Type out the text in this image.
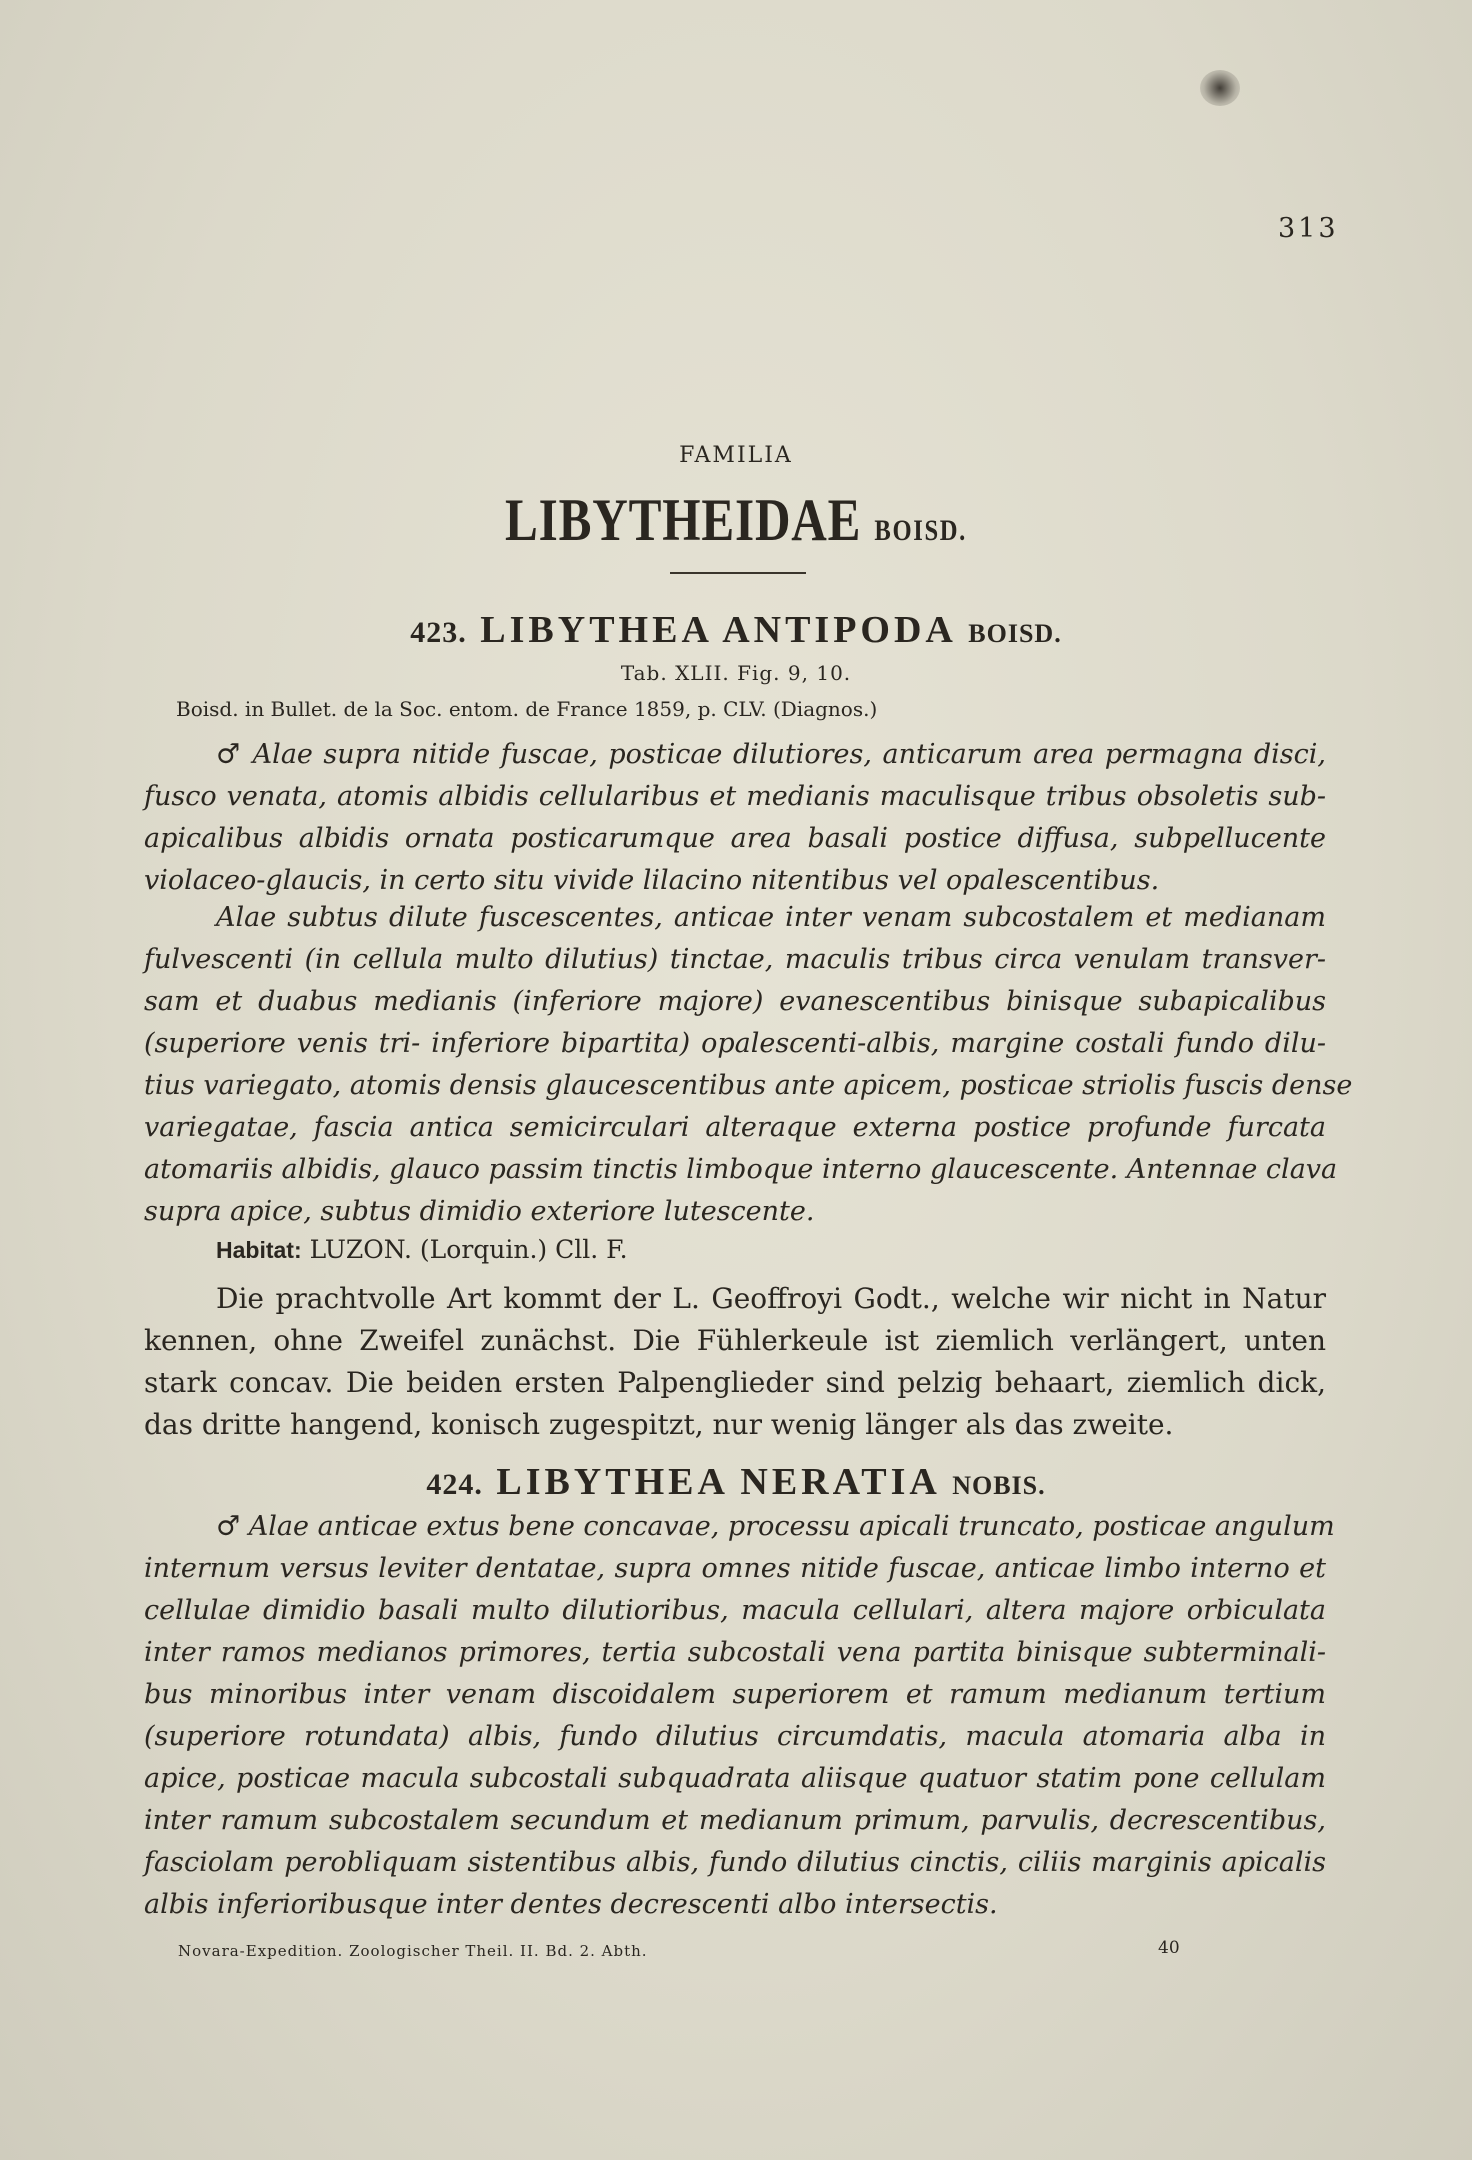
313

FAMILIA

LIBYTHEIDAE BOISD.
423. LIBYTHEA ANTIPODA BOISD.

Tab. XLII. Fig. 9, 10.

Boisd. in Bullet. de la Soc. entom. de France 1859, p. CLV. (Diagnos.)

♂ Alae supra nitide fuscae, posticae dilutiores, anticarum area permagna disci,
fusco venata, atomis albidis cellularibus et medianis maculisque tribus obsoletis sub-
apicalibus albidis ornata posticarumque area basali postice diffusa, subpellucente
violaceo-glaucis, in certo situ vivide lilacino nitentibus vel opalescentibus.
Alae subtus dilute fuscescentes, anticae inter venam subcostalem et medianam
fulvescenti (in cellula multo dilutius) tinctae, maculis tribus circa venulam transver-
sam et duabus medianis (inferiore majore) evanescentibus binisque subapicalibus
(superiore venis tri- inferiore bipartita) opalescenti-albis, margine costali fundo dilu-
tius variegato, atomis densis glaucescentibus ante apicem, posticae striolis fuscis dense
variegatae, fascia antica semicirculari alteraque externa postice profunde furcata
atomariis albidis, glauco passim tinctis limboque interno glaucescente. Antennae clava
supra apice, subtus dimidio exteriore lutescente.

Habitat: LUZON. (Lorquin.) Cll. F.

Die prachtvolle Art kommt der L. Geoffroyi Godt., welche wir nicht in Natur
kennen, ohne Zweifel zunächst. Die Fühlerkeule ist ziemlich verlängert, unten
stark concav. Die beiden ersten Palpenglieder sind pelzig behaart, ziemlich dick,
das dritte hangend, konisch zugespitzt, nur wenig länger als das zweite.
424. LIBYTHEA NERATIA NOBIS.
♂ Alae anticae extus bene concavae, processu apicali truncato, posticae angulum
internum versus leviter dentatae, supra omnes nitide fuscae, anticae limbo interno et
cellulae dimidio basali multo dilutioribus, macula cellulari, altera majore orbiculata
inter ramos medianos primores, tertia subcostali vena partita binisque subterminali-
bus minoribus inter venam discoidalem superiorem et ramum medianum tertium
(superiore rotundata) albis, fundo dilutius circumdatis, macula atomaria alba in
apice, posticae macula subcostali subquadrata aliisque quatuor statim pone cellulam
inter ramum subcostalem secundum et medianum primum, parvulis, decrescentibus,
fasciolam perobliquam sistentibus albis, fundo dilutius cinctis, ciliis marginis apicalis
albis inferioribusque inter dentes decrescenti albo intersectis.

Novara-Expedition. Zoologischer Theil. II. Bd. 2. Abth.	40
